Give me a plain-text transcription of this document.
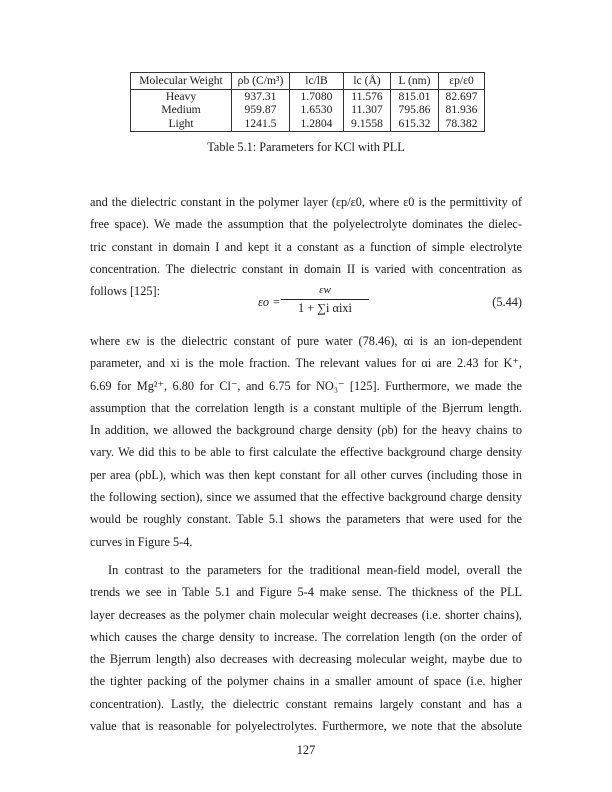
Molecular Weight	ρb (C/m³)	lc/lB	lc (Å)	L (nm)	εp/ε0
Heavy	937.31	1.7080	11.576	815.01	82.697
Medium	959.87	1.6530	11.307	795.86	81.936
Light	1241.5	1.2804	9.1558	615.32	78.382
Table 5.1: Parameters for KCl with PLL
and the dielectric constant in the polymer layer (εp/ε0, where ε0 is the permittivity of
free space). We made the assumption that the polyelectrolyte dominates the dielec-
tric constant in domain I and kept it a constant as a function of simple electrolyte
concentration. The dielectric constant in domain II is varied with concentration as
follows [125]:
εo =
εw
1 + ∑i αixi	(5.44)
where εw is the dielectric constant of pure water (78.46), αi is an ion-dependent
parameter, and xi is the mole fraction. The relevant values for αi are 2.43 for K⁺,
6.69 for Mg²⁺, 6.80 for Cl⁻, and 6.75 for NO₃⁻ [125]. Furthermore, we made the
assumption that the correlation length is a constant multiple of the Bjerrum length.
In addition, we allowed the background charge density (ρb) for the heavy chains to
vary. We did this to be able to first calculate the effective background charge density
per area (ρbL), which was then kept constant for all other curves (including those in
the following section), since we assumed that the effective background charge density
would be roughly constant. Table 5.1 shows the parameters that were used for the
curves in Figure 5-4.
In contrast to the parameters for the traditional mean-field model, overall the
trends we see in Table 5.1 and Figure 5-4 make sense. The thickness of the PLL
layer decreases as the polymer chain molecular weight decreases (i.e. shorter chains),
which causes the charge density to increase. The correlation length (on the order of
the Bjerrum length) also decreases with decreasing molecular weight, maybe due to
the tighter packing of the polymer chains in a smaller amount of space (i.e. higher
concentration). Lastly, the dielectric constant remains largely constant and has a
value that is reasonable for polyelectrolytes. Furthermore, we note that the absolute
127
